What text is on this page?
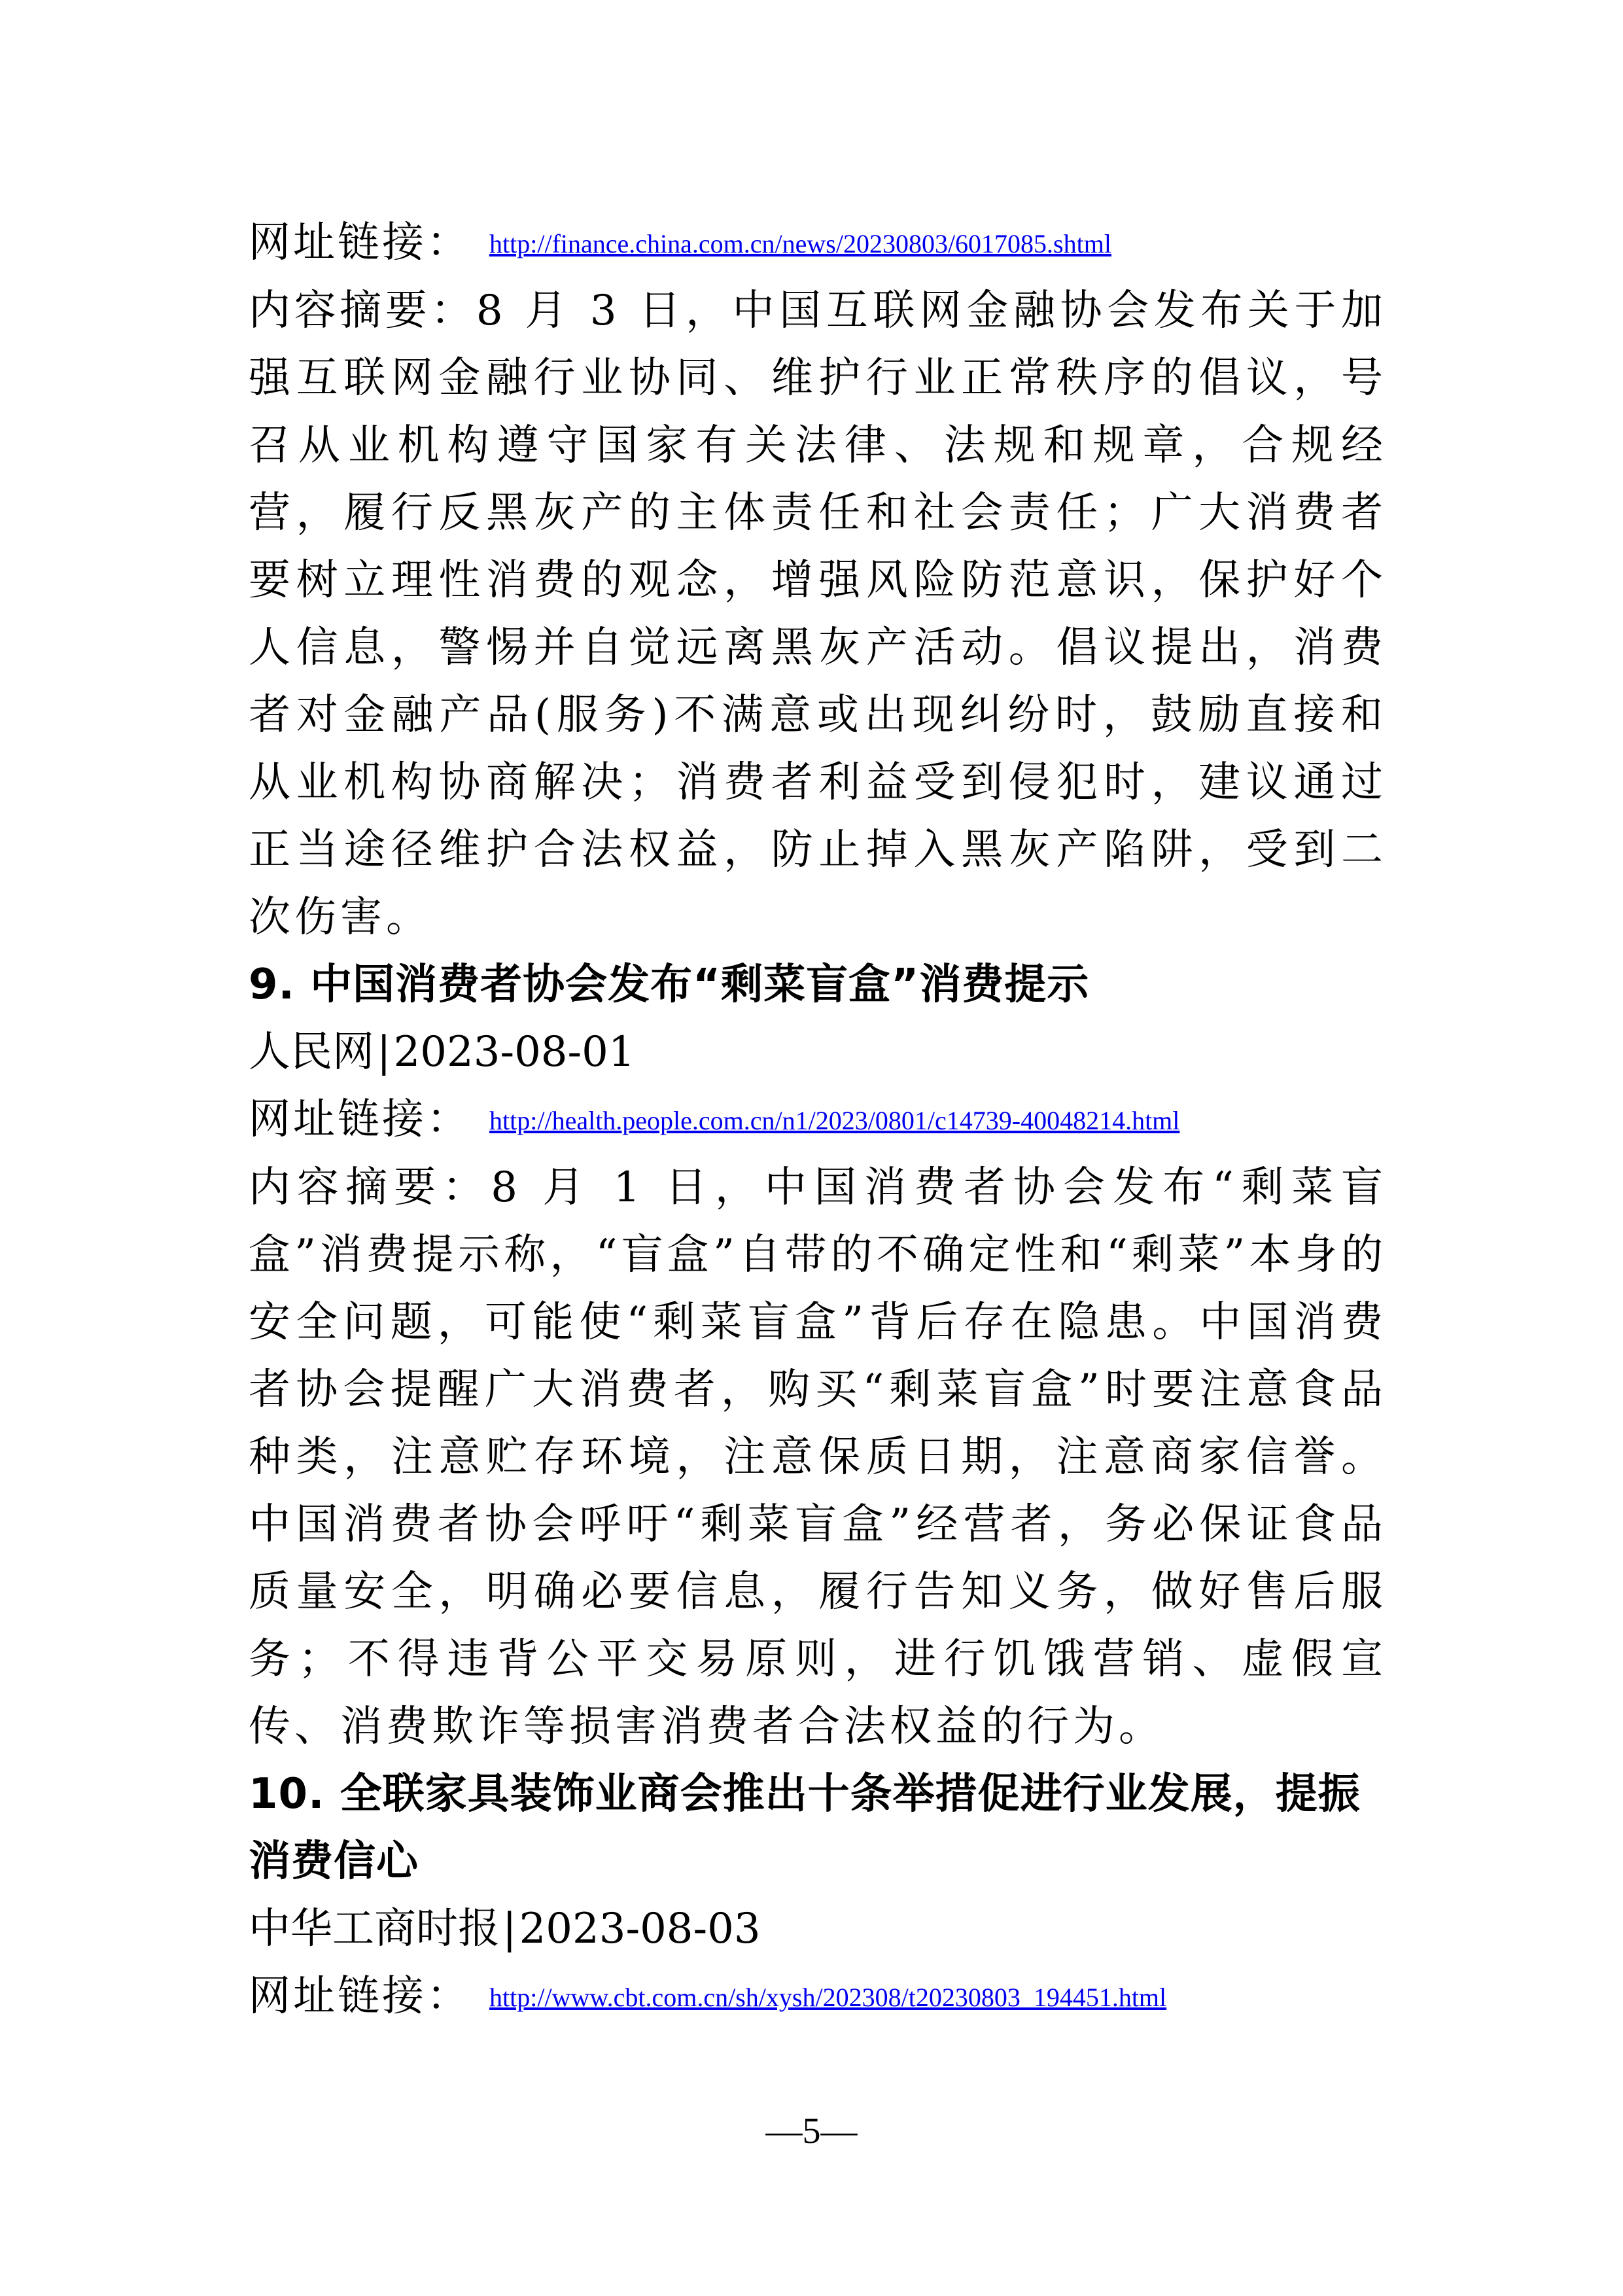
网址链接： http://finance.china.com.cn/news/20230803/6017085.shtml

内容摘要：8 月 3 日，中国互联网金融协会发布关于加强互联网金融行业协同、维护行业正常秩序的倡议，号召从业机构遵守国家有关法律、法规和规章，合规经营，履行反黑灰产的主体责任和社会责任；广大消费者要树立理性消费的观念，增强风险防范意识，保护好个人信息，警惕并自觉远离黑灰产活动。倡议提出，消费者对金融产品(服务)不满意或出现纠纷时，鼓励直接和从业机构协商解决；消费者利益受到侵犯时，建议通过正当途径维护合法权益，防止掉入黑灰产陷阱，受到二次伤害。

9. 中国消费者协会发布“剩菜盲盒”消费提示

人民网|2023-08-01

网址链接： http://health.people.com.cn/n1/2023/0801/c14739-40048214.html

内容摘要：8 月 1 日，中国消费者协会发布“剩菜盲盒”消费提示称，“盲盒”自带的不确定性和“剩菜”本身的安全问题，可能使“剩菜盲盒”背后存在隐患。中国消费者协会提醒广大消费者，购买“剩菜盲盒”时要注意食品种类，注意贮存环境，注意保质日期，注意商家信誉。中国消费者协会呼吁“剩菜盲盒”经营者，务必保证食品质量安全，明确必要信息，履行告知义务，做好售后服务；不得违背公平交易原则，进行饥饿营销、虚假宣传、消费欺诈等损害消费者合法权益的行为。

10. 全联家具装饰业商会推出十条举措促进行业发展，提振消费信心

中华工商时报|2023-08-03

网址链接： http://www.cbt.com.cn/sh/xysh/202308/t20230803_194451.html

—5—
